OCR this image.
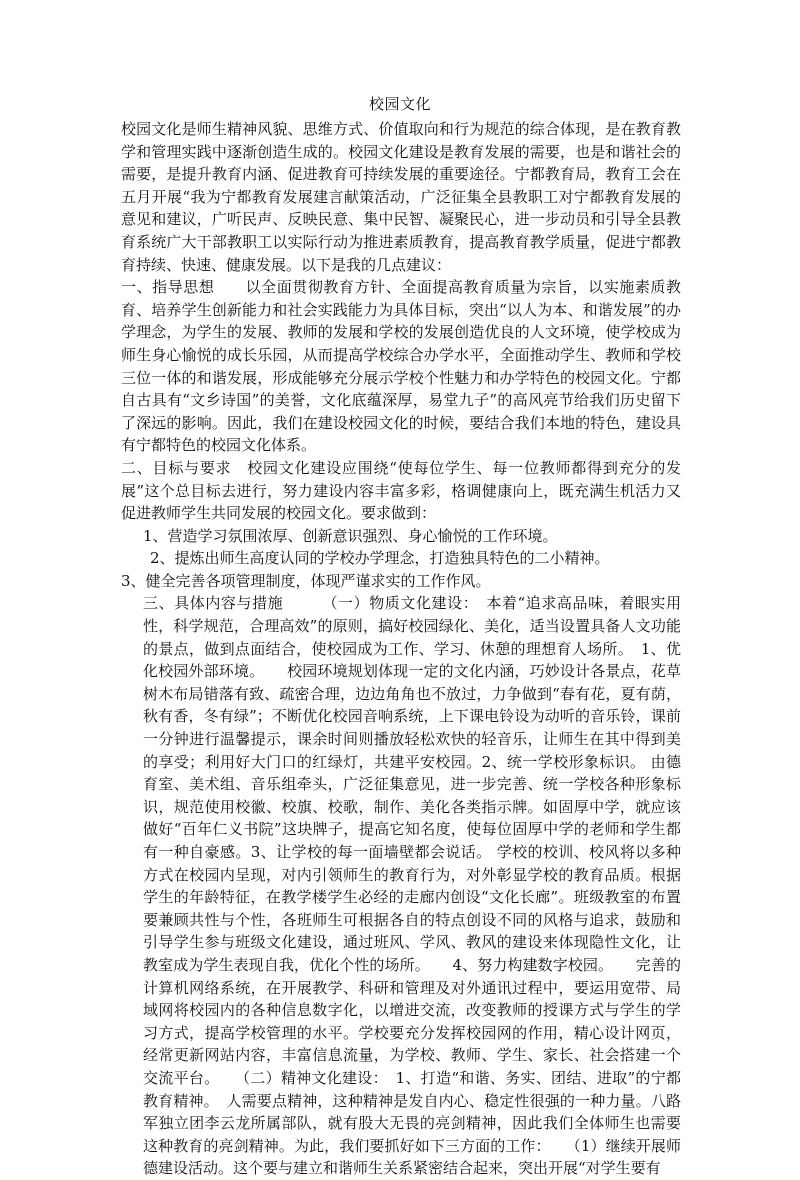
校园文化

校园文化是师生精神风貌、思维方式、价值取向和行为规范的综合体现，是在教育教学和管理实践中逐渐创造生成的。校园文化建设是教育发展的需要，也是和谐社会的需要，是提升教育内涵、促进教育可持续发展的重要途径。宁都教育局，教育工会在五月开展“我为宁都教育发展建言献策活动，广泛征集全县教职工对宁都教育发展的意见和建议，广听民声、反映民意、集中民智、凝聚民心，进一步动员和引导全县教育系统广大干部教职工以实际行动为推进素质教育，提高教育教学质量，促进宁都教育持续、快速、健康发展。以下是我的几点建议：

一、指导思想　　以全面贯彻教育方针、全面提高教育质量为宗旨，以实施素质教育、培养学生创新能力和社会实践能力为具体目标，突出“以人为本、和谐发展”的办学理念，为学生的发展、教师的发展和学校的发展创造优良的人文环境，使学校成为师生身心愉悦的成长乐园，从而提高学校综合办学水平，全面推动学生、教师和学校三位一体的和谐发展，形成能够充分展示学校个性魅力和办学特色的校园文化。宁都自古具有“文乡诗国”的美誉，文化底蕴深厚，易堂九子”的高风亮节给我们历史留下了深远的影响。因此，我们在建设校园文化的时候，要结合我们本地的特色，建设具有宁都特色的校园文化体系。

二、目标与要求　校园文化建设应围绕“使每位学生、每一位教师都得到充分的发展”这个总目标去进行，努力建设内容丰富多彩，格调健康向上，既充满生机活力又促进教师学生共同发展的校园文化。要求做到：

1、营造学习氛围浓厚、创新意识强烈、身心愉悦的工作环境。

2、提炼出师生高度认同的学校办学理念，打造独具特色的二小精神。

3、健全完善各项管理制度，体现严谨求实的工作作风。

三、具体内容与措施　　　（一）物质文化建设：　本着“追求高品味，着眼实用性，科学规范，合理高效”的原则，搞好校园绿化、美化，适当设置具备人文功能的景点，做到点面结合，使校园成为工作、学习、休憩的理想育人场所。　1、优化校园外部环境。　　校园环境规划体现一定的文化内涵，巧妙设计各景点，花草树木布局错落有致、疏密合理，边边角角也不放过，力争做到“春有花，夏有荫，秋有香，冬有绿”；不断优化校园音响系统，上下课电铃设为动听的音乐铃，课前一分钟进行温馨提示，课余时间则播放轻松欢快的轻音乐，让师生在其中得到美的享受；利用好大门口的红绿灯，共建平安校园。2、统一学校形象标识。 由德育室、美术组、音乐组牵头，广泛征集意见，进一步完善、统一学校各种形象标识，规范使用校徽、校旗、校歌，制作、美化各类指示牌。如固厚中学，就应该做好“百年仁义书院”这块牌子，提高它知名度，使每位固厚中学的老师和学生都有一种自豪感。3、让学校的每一面墙壁都会说话。 学校的校训、校风将以多种方式在校园内呈现，对内引领师生的教育行为，对外彰显学校的教育品质。根据学生的年龄特征，在教学楼学生必经的走廊内创设“文化长廊”。班级教室的布置要兼顾共性与个性，各班师生可根据各自的特点创设不同的风格与追求，鼓励和引导学生参与班级文化建设，通过班风、学风、教风的建设来体现隐性文化，让教室成为学生表现自我，优化个性的场所。　　4、努力构建数字校园。　　完善的计算机网络系统，在开展教学、科研和管理及对外通讯过程中，要运用宽带、局域网将校园内的各种信息数字化，以增进交流，改变教师的授课方式与学生的学习方式，提高学校管理的水平。学校要充分发挥校园网的作用，精心设计网页，经常更新网站内容，丰富信息流量，为学校、教师、学生、家长、社会搭建一个交流平台。　　（二）精神文化建设：　1、打造“和谐、务实、团结、进取”的宁都教育精神。　人需要点精神，这种精神是发自内心、稳定性很强的一种力量。八路军独立团李云龙所属部队，就有股大无畏的亮剑精神，因此我们全体师生也需要这种教育的亮剑精神。为此，我们要抓好如下三方面的工作：　　（1）继续开展师德建设活动。这个要与建立和谐师生关系紧密结合起来，突出开展“对学生要有
